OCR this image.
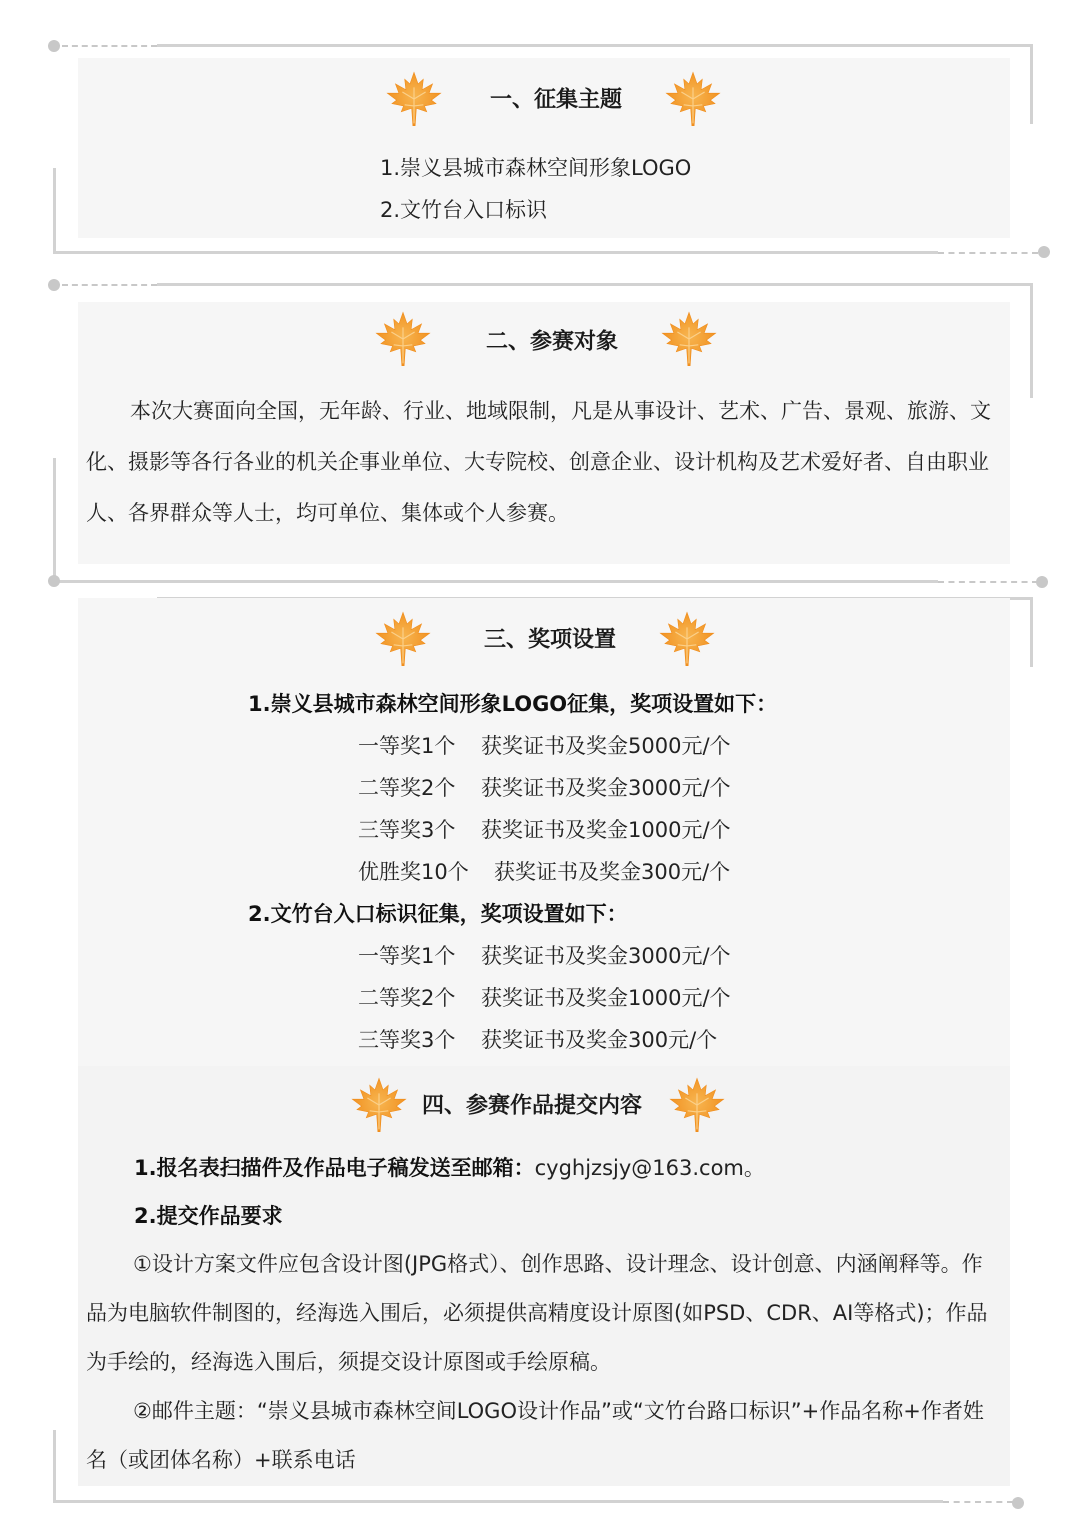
一、征集主题
1.崇义县城市森林空间形象LOGO
2.文竹台入口标识
二、参赛对象
本次大赛面向全国，无年龄、行业、地域限制，凡是从事设计、艺术、广告、景观、旅游、文化、摄影等各行各业的机关企事业单位、大专院校、创意企业、设计机构及艺术爱好者、自由职业人、各界群众等人士，均可单位、集体或个人参赛。
三、奖项设置
1.崇义县城市森林空间形象LOGO征集，奖项设置如下：
一等奖1个 获奖证书及奖金5000元/个
二等奖2个 获奖证书及奖金3000元/个
三等奖3个 获奖证书及奖金1000元/个
优胜奖10个 获奖证书及奖金300元/个
2.文竹台入口标识征集，奖项设置如下：
一等奖1个 获奖证书及奖金3000元/个
二等奖2个 获奖证书及奖金1000元/个
三等奖3个 获奖证书及奖金300元/个
四、参赛作品提交内容
1.报名表扫描件及作品电子稿发送至邮箱：cyghjzsjy@163.com。
2.提交作品要求
①设计方案文件应包含设计图(JPG格式）、创作思路、设计理念、设计创意、内涵阐释等。作品为电脑软件制图的，经海选入围后，必须提供高精度设计原图(如PSD、CDR、AI等格式)；作品为手绘的，经海选入围后，须提交设计原图或手绘原稿。
②邮件主题：“崇义县城市森林空间LOGO设计作品”或“文竹台路口标识”+作品名称+作者姓名（或团体名称）+联系电话
